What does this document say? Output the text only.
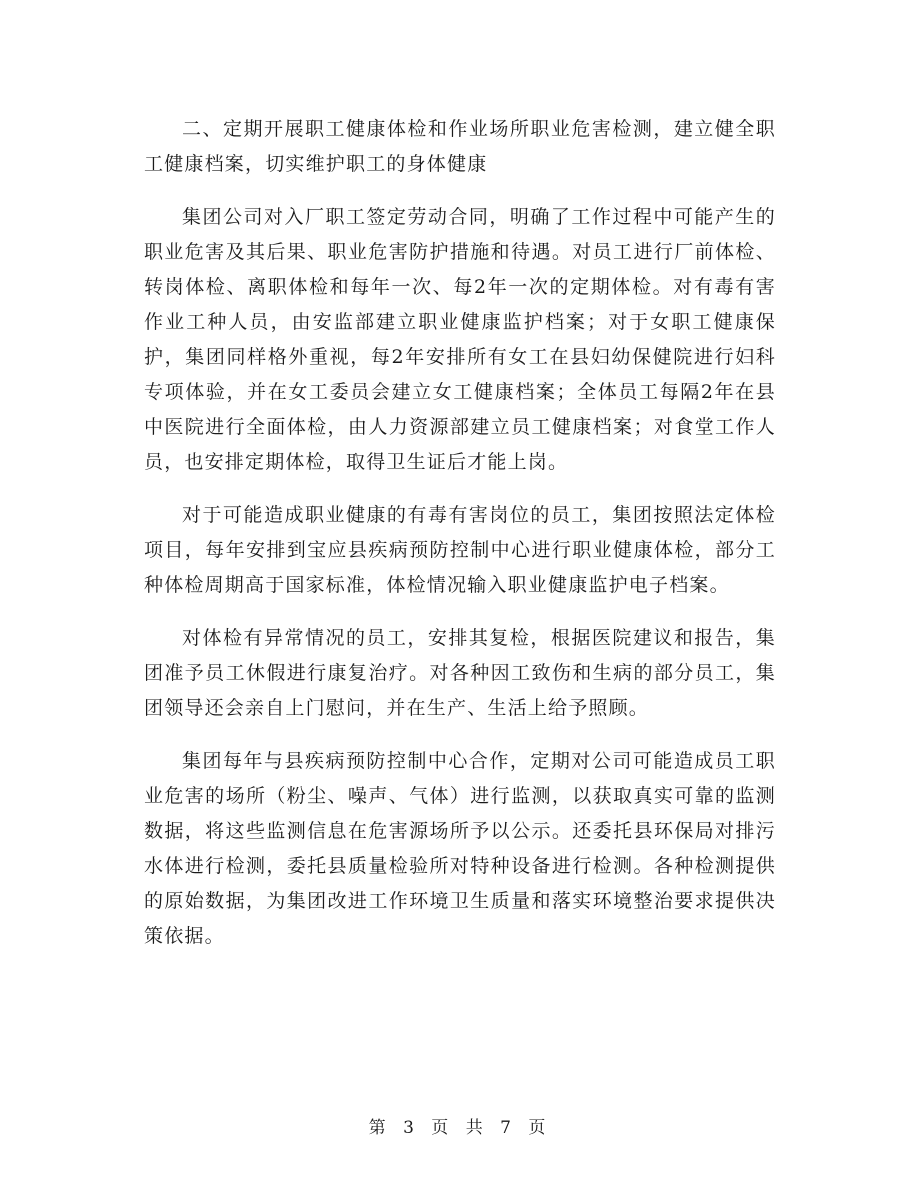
二、定期开展职工健康体检和作业场所职业危害检测，建立健全职工健康档案，切实维护职工的身体健康

集团公司对入厂职工签定劳动合同，明确了工作过程中可能产生的职业危害及其后果、职业危害防护措施和待遇。对员工进行厂前体检、转岗体检、离职体检和每年一次、每2年一次的定期体检。对有毒有害作业工种人员，由安监部建立职业健康监护档案；对于女职工健康保护，集团同样格外重视，每2年安排所有女工在县妇幼保健院进行妇科专项体验，并在女工委员会建立女工健康档案；全体员工每隔2年在县中医院进行全面体检，由人力资源部建立员工健康档案；对食堂工作人员，也安排定期体检，取得卫生证后才能上岗。

对于可能造成职业健康的有毒有害岗位的员工，集团按照法定体检项目，每年安排到宝应县疾病预防控制中心进行职业健康体检，部分工种体检周期高于国家标准，体检情况输入职业健康监护电子档案。

对体检有异常情况的员工，安排其复检，根据医院建议和报告，集团准予员工休假进行康复治疗。对各种因工致伤和生病的部分员工，集团领导还会亲自上门慰问，并在生产、生活上给予照顾。

集团每年与县疾病预防控制中心合作，定期对公司可能造成员工职业危害的场所（粉尘、噪声、气体）进行监测，以获取真实可靠的监测数据，将这些监测信息在危害源场所予以公示。还委托县环保局对排污水体进行检测，委托县质量检验所对特种设备进行检测。各种检测提供的原始数据，为集团改进工作环境卫生质量和落实环境整治要求提供决策依据。

第 3 页 共 7 页
